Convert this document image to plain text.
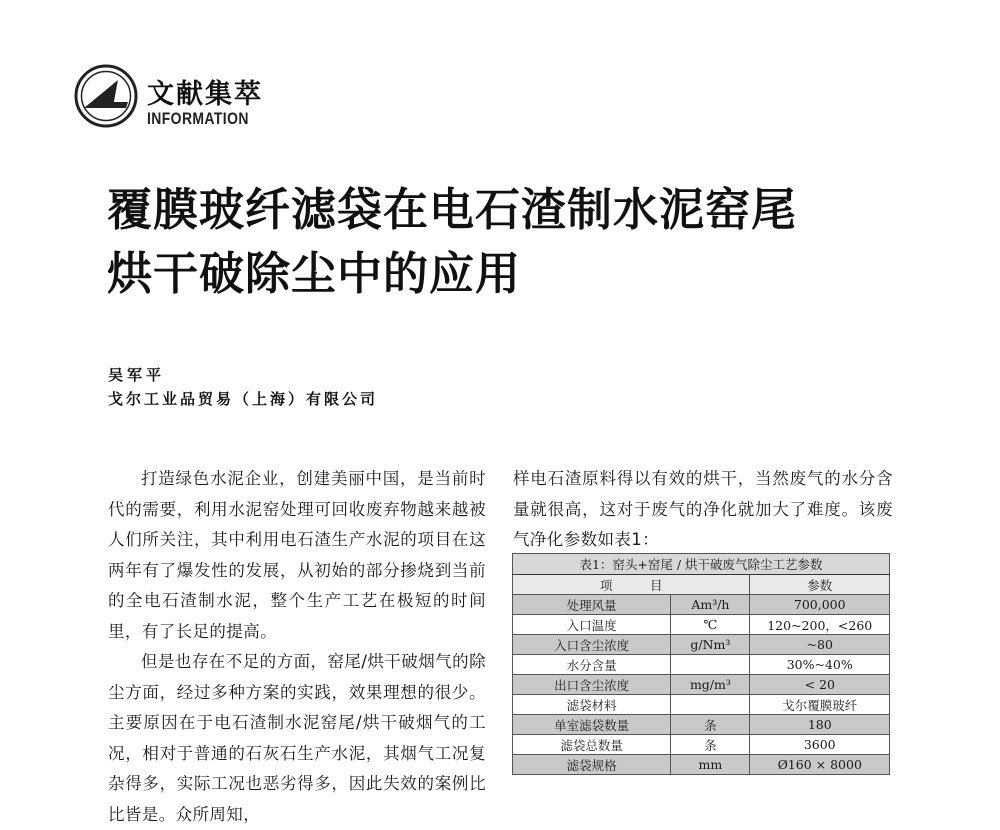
文献集萃
INFORMATION
覆膜玻纤滤袋在电石渣制水泥窑尾
烘干破除尘中的应用
吴军平
戈尔工业品贸易（上海）有限公司

打造绿色水泥企业，创建美丽中国，是当前时代的需要，利用水泥窑处理可回收废弃物越来越被人们所关注，其中利用电石渣生产水泥的项目在这两年有了爆发性的发展，从初始的部分掺烧到当前的全电石渣制水泥，整个生产工艺在极短的时间里，有了长足的提高。

但是也存在不足的方面，窑尾/烘干破烟气的除尘方面，经过多种方案的实践，效果理想的很少。主要原因在于电石渣制水泥窑尾/烘干破烟气的工况，相对于普通的石灰石生产水泥，其烟气工况复杂得多，实际工况也恶劣得多，因此失效的案例比比皆是。众所周知，

样电石渣原料得以有效的烘干，当然废气的水分含量就很高，这对于废气的净化就加大了难度。该废气净化参数如表1：

表1：窑头+窑尾 / 烘干破废气除尘工艺参数		
项　　　目		参数
处理风量	Am³/h	700,000
入口温度	℃	120~200，<260
入口含尘浓度	g/Nm³	~80
水分含量		30%~40%
出口含尘浓度	mg/m³	< 20
滤袋材料		戈尔覆膜玻纤
单室滤袋数量	条	180
滤袋总数量	条	3600
滤袋规格	mm	Ø160 × 8000
